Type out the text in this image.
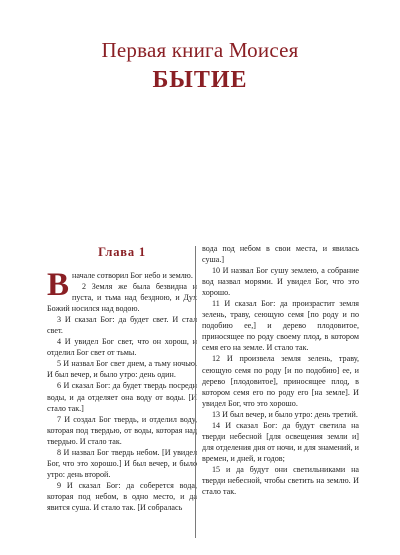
Первая книга Моисея
БЫТИЕ
Глава 1

В началe сотворил Бог небо и землю.

2 Земля же была безвидна и пуста, и тьма над бездною, и Дух Божий носился над водою.

3 И сказал Бог: да будет свет. И стал свет.

4 И увидел Бог свет, что он хорош, и отделил Бог свет от тьмы.

5 И назвал Бог свет днем, а тьму ночью. И был вечер, и было утро: день один.

6 И сказал Бог: да будет твердь посреди воды, и да отделяет она воду от воды. [И стало так.]

7 И создал Бог твердь, и отделил воду, которая под твердью, от воды, которая над твердью. И стало так.

8 И назвал Бог твердь небом. [И увидел Бог, что это хорошо.] И был вечер, и было утро: день второй.

9 И сказал Бог: да соберется вода, которая под небом, в одно место, и да явится суша. И стало так. [И собралась

вода под небом в свои места, и явилась суша.]

10 И назвал Бог сушу землею, а собрание вод назвал морями. И увидел Бог, что это хорошо.

11 И сказал Бог: да произрастит земля зелень, траву, сеющую семя [по роду и по подобию ее,] и дерево плодовитое, приносящее по роду своему плод, в котором семя его на земле. И стало так.

12 И произвела земля зелень, траву, сеющую семя по роду [и по подобию] ее, и дерево [плодовитое], приносящее плод, в котором семя его по роду его [на земле]. И увидел Бог, что это хорошо.

13 И был вечер, и было утро: день третий.

14 И сказал Бог: да будут светила на тверди небесной [для освещения земли и] для отделения дня от ночи, и для знамений, и времен, и дней, и годов;

15 и да будут они светильниками на тверди небесной, чтобы светить на землю. И стало так.
